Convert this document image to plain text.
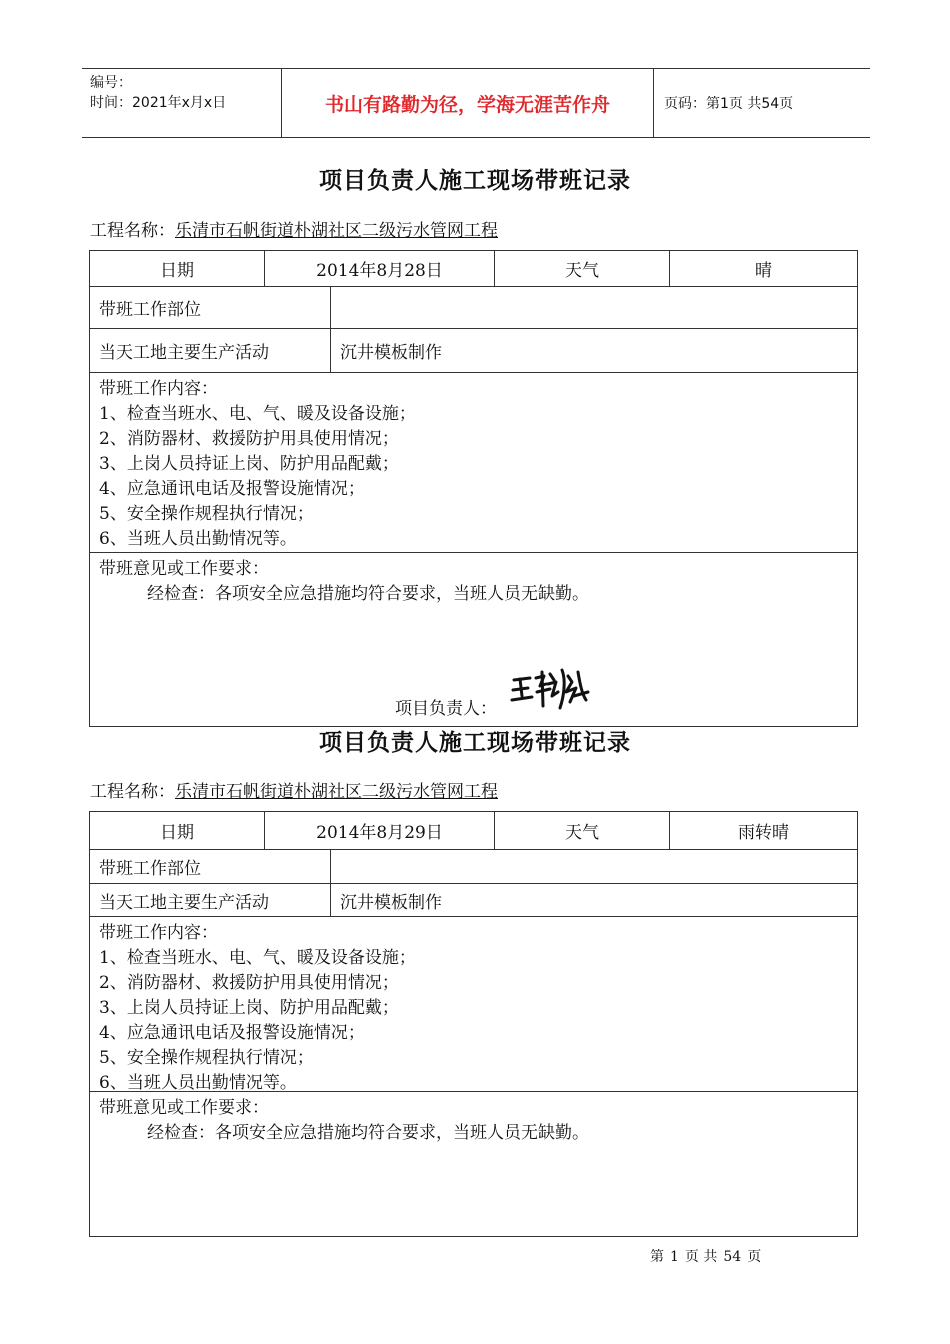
编号：
时间：2021年x月x日	书山有路勤为径，学海无涯苦作舟	页码：第1页 共54页
项目负责人施工现场带班记录
工程名称：乐清市石帆街道朴湖社区二级污水管网工程
日期	2014年8月28日	天气	晴
带班工作部位
当天工地主要生产活动	沉井模板制作
带班工作内容：
1、检查当班水、电、气、暖及设备设施；
2、消防器材、救援防护用具使用情况；
3、上岗人员持证上岗、防护用品配戴；
4、应急通讯电话及报警设施情况；
5、安全操作规程执行情况；
6、当班人员出勤情况等。
带班意见或工作要求：
经检查：各项安全应急措施均符合要求，当班人员无缺勤。
项目负责人：
项目负责人施工现场带班记录
工程名称：乐清市石帆街道朴湖社区二级污水管网工程
日期	2014年8月29日	天气	雨转晴
带班工作部位
当天工地主要生产活动	沉井模板制作
带班工作内容：
1、检查当班水、电、气、暖及设备设施；
2、消防器材、救援防护用具使用情况；
3、上岗人员持证上岗、防护用品配戴；
4、应急通讯电话及报警设施情况；
5、安全操作规程执行情况；
6、当班人员出勤情况等。
带班意见或工作要求：
经检查：各项安全应急措施均符合要求，当班人员无缺勤。
第 1 页 共 54 页
